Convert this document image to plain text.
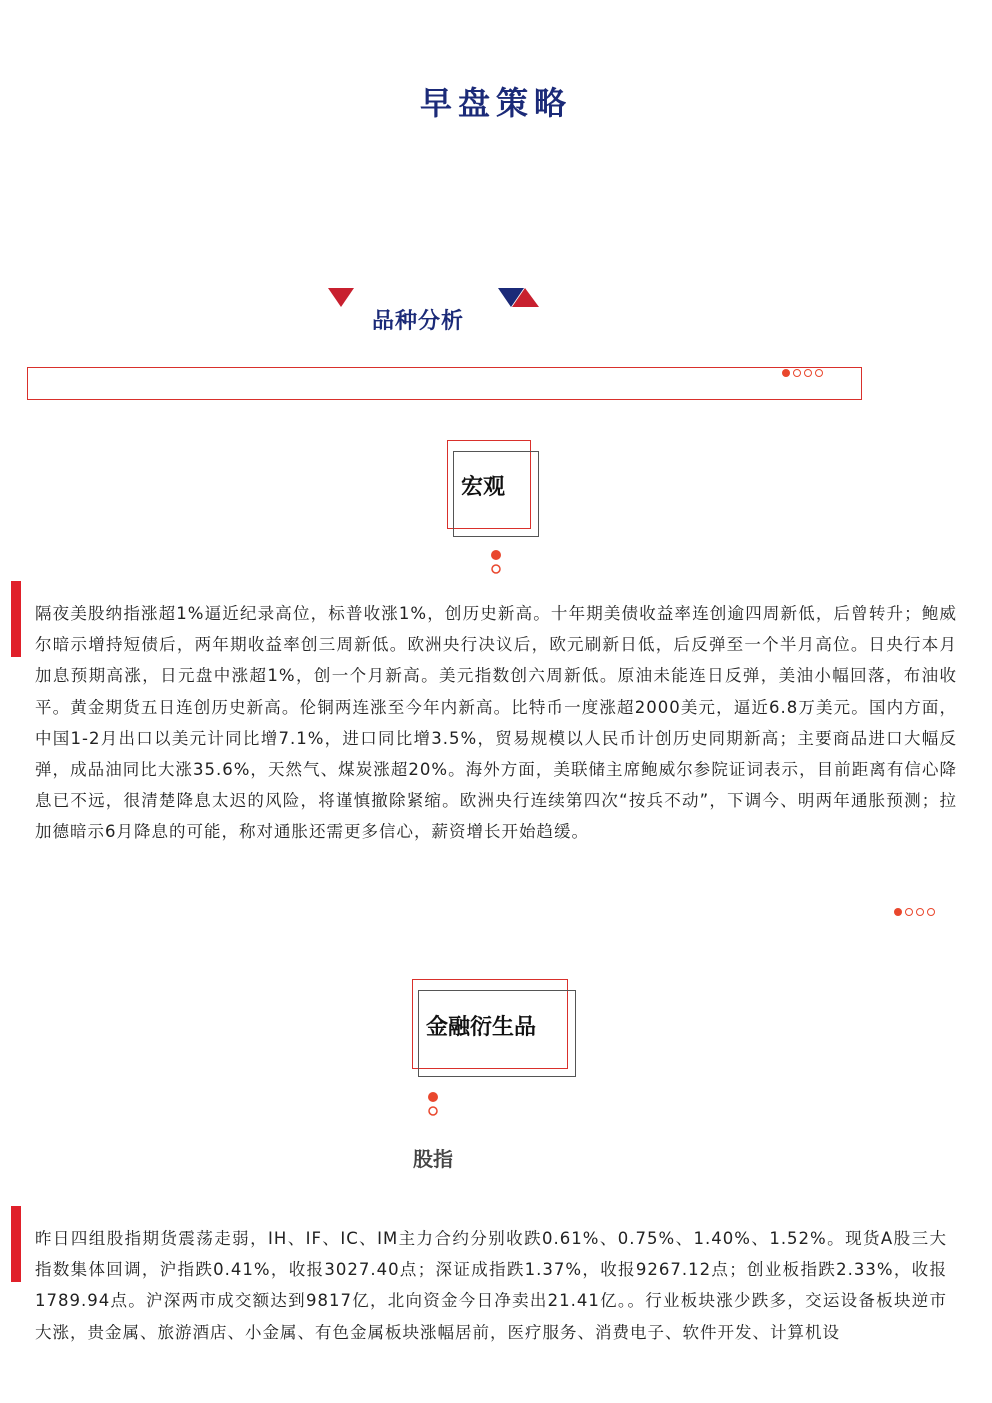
早盘策略
品种分析
宏观
隔夜美股纳指涨超1%逼近纪录高位，标普收涨1%，创历史新高。十年期美债收益率连创逾四周新低，后曾转升；鲍威尔暗示增持短债后，两年期收益率创三周新低。欧洲央行决议后，欧元刷新日低，后反弹至一个半月高位。日央行本月加息预期高涨，日元盘中涨超1%，创一个月新高。美元指数创六周新低。原油未能连日反弹，美油小幅回落，布油收平。黄金期货五日连创历史新高。伦铜两连涨至今年内新高。比特币一度涨超2000美元，逼近6.8万美元。国内方面，中国1-2月出口以美元计同比增7.1%，进口同比增3.5%，贸易规模以人民币计创历史同期新高；主要商品进口大幅反弹，成品油同比大涨35.6%，天然气、煤炭涨超20%。海外方面，美联储主席鲍威尔参院证词表示，目前距离有信心降息已不远，很清楚降息太迟的风险，将谨慎撤除紧缩。欧洲央行连续第四次“按兵不动”，下调今、明两年通胀预测；拉加德暗示6月降息的可能，称对通胀还需更多信心，薪资增长开始趋缓。
金融衍生品
股指
昨日四组股指期货震荡走弱，IH、IF、IC、IM主力合约分别收跌0.61%、0.75%、1.40%、1.52%。现货A股三大指数集体回调，沪指跌0.41%，收报3027.40点；深证成指跌1.37%，收报9267.12点；创业板指跌2.33%，收报1789.94点。沪深两市成交额达到9817亿，北向资金今日净卖出21.41亿。。行业板块涨少跌多，交运设备板块逆市大涨，贵金属、旅游酒店、小金属、有色金属板块涨幅居前，医疗服务、消费电子、软件开发、计算机设
